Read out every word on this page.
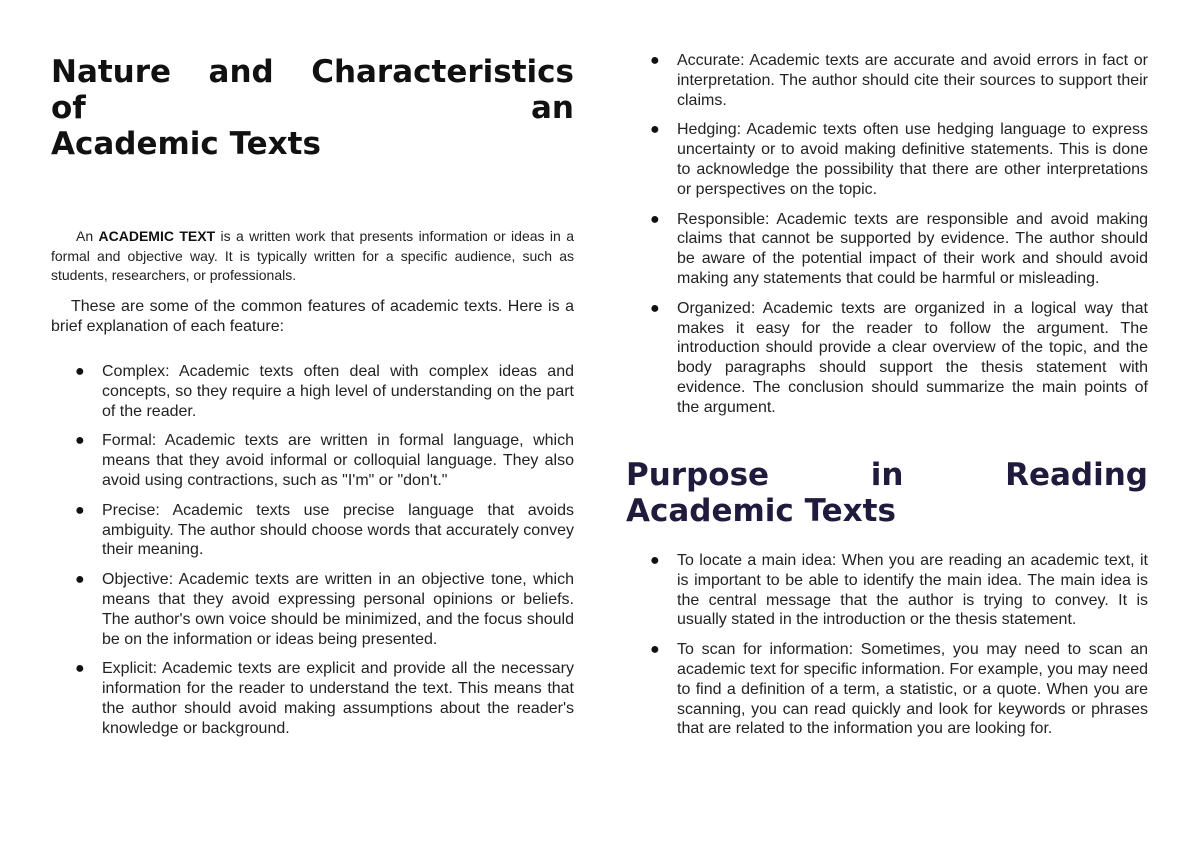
Nature and Characteristics
of an
Academic Texts

An ACADEMIC TEXT is a written work that presents information or ideas in a formal and objective way. It is typically written for a specific audience, such as students, researchers, or professionals.

These are some of the common features of academic texts. Here is a brief explanation of each feature:

● Complex: Academic texts often deal with complex ideas and concepts, so they require a high level of understanding on the part of the reader.
● Formal: Academic texts are written in formal language, which means that they avoid informal or colloquial language. They also avoid using contractions, such as "I'm" or "don't."
● Precise: Academic texts use precise language that avoids ambiguity. The author should choose words that accurately convey their meaning.
● Objective: Academic texts are written in an objective tone, which means that they avoid expressing personal opinions or beliefs. The author's own voice should be minimized, and the focus should be on the information or ideas being presented.
● Explicit: Academic texts are explicit and provide all the necessary information for the reader to understand the text. This means that the author should avoid making assumptions about the reader's knowledge or background.
● Accurate: Academic texts are accurate and avoid errors in fact or interpretation. The author should cite their sources to support their claims.
● Hedging: Academic texts often use hedging language to express uncertainty or to avoid making definitive statements. This is done to acknowledge the possibility that there are other interpretations or perspectives on the topic.
● Responsible: Academic texts are responsible and avoid making claims that cannot be supported by evidence. The author should be aware of the potential impact of their work and should avoid making any statements that could be harmful or misleading.
● Organized: Academic texts are organized in a logical way that makes it easy for the reader to follow the argument. The introduction should provide a clear overview of the topic, and the body paragraphs should support the thesis statement with evidence. The conclusion should summarize the main points of the argument.
Purpose in Reading
Academic Texts
● To locate a main idea: When you are reading an academic text, it is important to be able to identify the main idea. The main idea is the central message that the author is trying to convey. It is usually stated in the introduction or the thesis statement.
● To scan for information: Sometimes, you may need to scan an academic text for specific information. For example, you may need to find a definition of a term, a statistic, or a quote. When you are scanning, you can read quickly and look for keywords or phrases that are related to the information you are looking for.
